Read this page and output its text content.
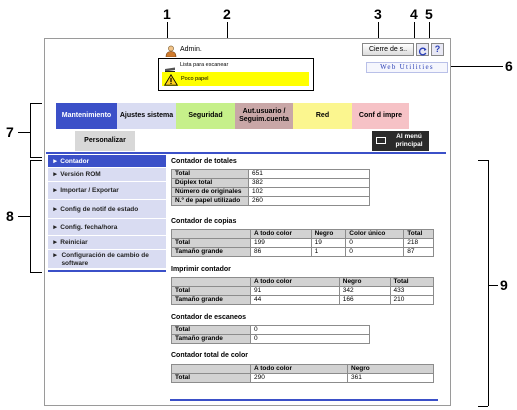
1	2	3 4 5
6
7
8
9
Admin.	Cierre de s..	?
Lista para escanear
Poco papel
Web Utilities
Mantenimiento	Ajustes sistema	Seguridad
Aut.usuario / Seguim.cuenta
Red	Conf d impre
Personalizar
Al menú principal
► Contador
► Versión ROM
► Importar / Exportar
► Config de notif de estado
► Config. fecha/hora
► Reiniciar
► Configuración de cambio de software
Contador de totales
Total	651
Dúplex total	382
Número de originales	102
N.º de papel utilizado	260
Contador de copias
	A todo color	Negro	Color único	Total
Total	199	19	0	218
Tamaño grande	86	1	0	87
Imprimir contador
	A todo color	Negro	Total
Total	91	342	433
Tamaño grande	44	166	210
Contador de escaneos
Total	0
Tamaño grande	0
Contador total de color
	A todo color	Negro
Total	290	361
